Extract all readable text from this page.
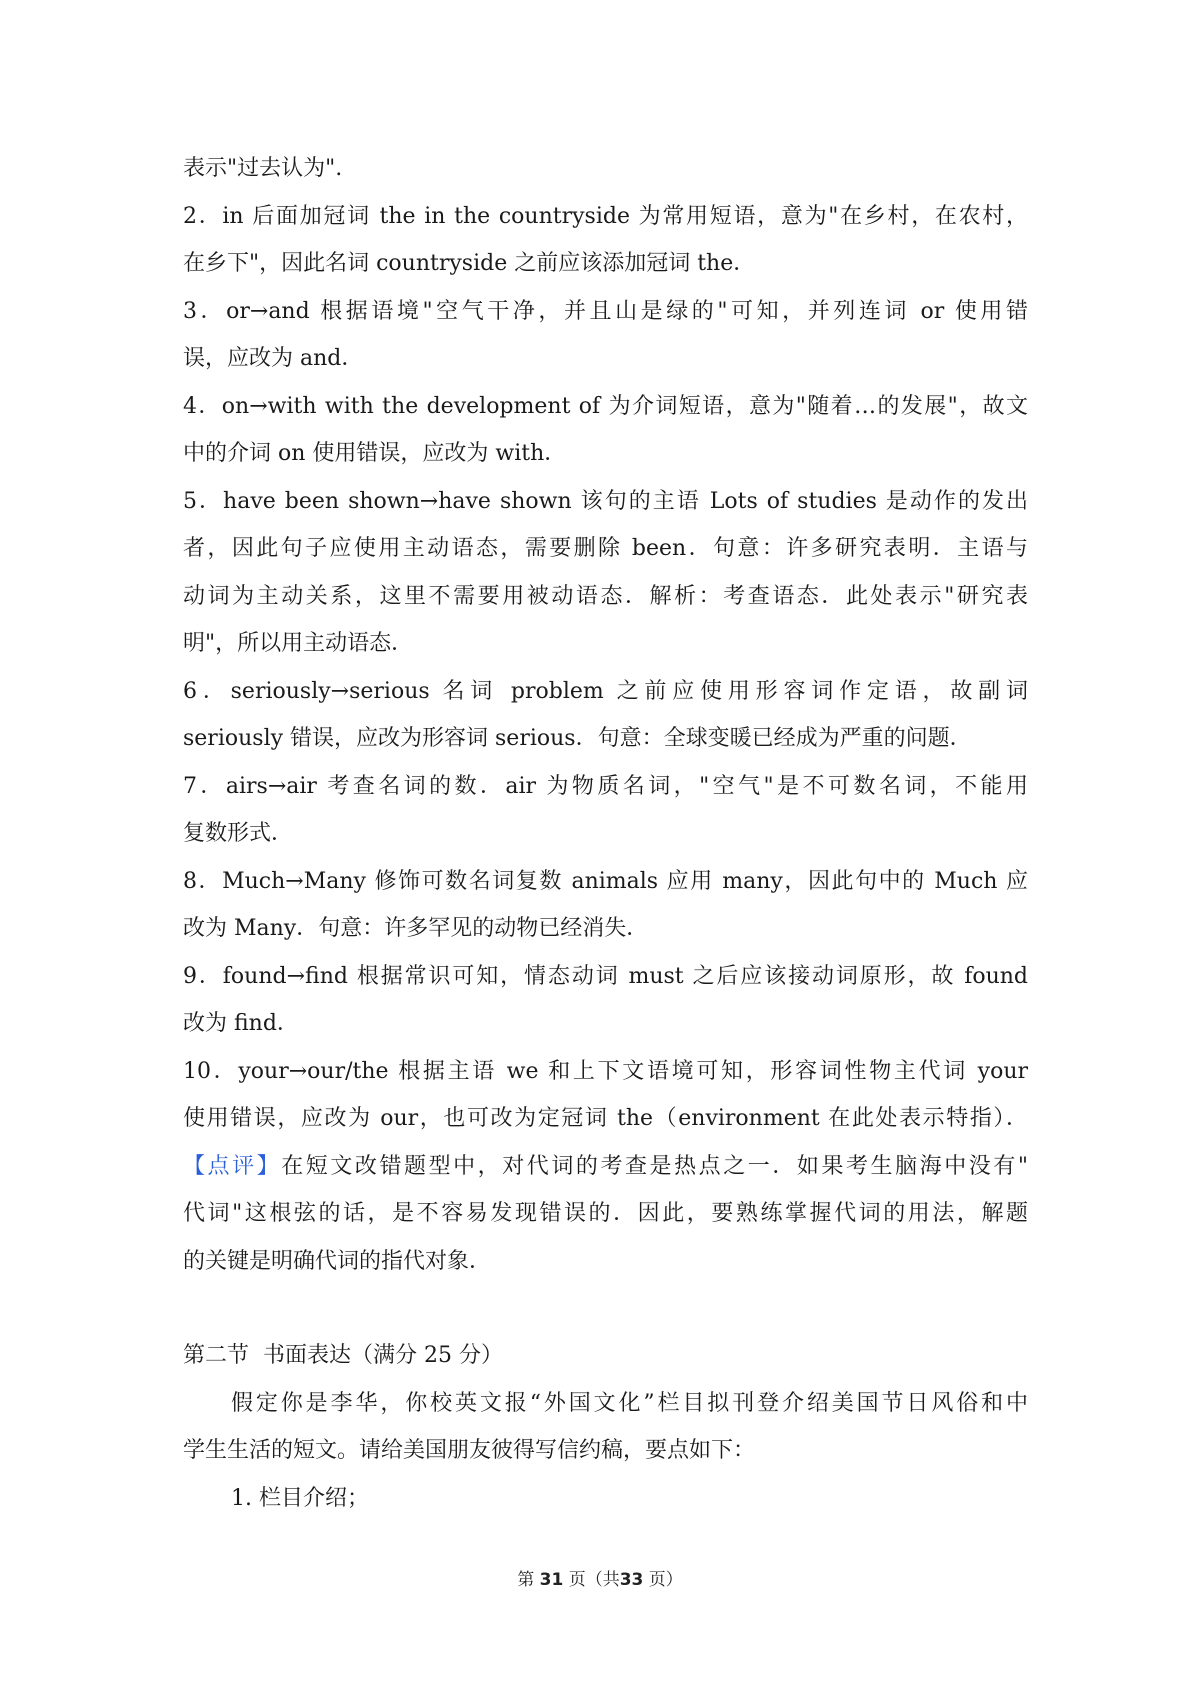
表示"过去认为".
2．in 后面加冠词 the in the countryside 为常用短语，意为"在乡村，在农村，
在乡下"，因此名词 countryside 之前应该添加冠词 the．
3．or→and 根据语境"空气干净，并且山是绿的"可知，并列连词 or 使用错
误，应改为 and．
4．on→with with the development of 为介词短语，意为"随着…的发展"，故文
中的介词 on 使用错误，应改为 with．
5．have been shown→have shown 该句的主语 Lots of studies 是动作的发出
者，因此句子应使用主动语态，需要删除 been．句意：许多研究表明．主语与
动词为主动关系，这里不需要用被动语态．解析：考查语态．此处表示"研究表
明"，所以用主动语态．
6．seriously→serious 名词 problem 之前应使用形容词作定语，故副词
seriously 错误，应改为形容词 serious．句意：全球变暖已经成为严重的问题．
7．airs→air 考查名词的数．air 为物质名词，"空气"是不可数名词，不能用
复数形式．
8．Much→Many 修饰可数名词复数 animals 应用 many，因此句中的 Much 应
改为 Many．句意：许多罕见的动物已经消失．
9．found→find 根据常识可知，情态动词 must 之后应该接动词原形，故 found
改为 find．
10．your→our/the 根据主语 we 和上下文语境可知，形容词性物主代词 your
使用错误，应改为 our，也可改为定冠词 the（environment 在此处表示特指）．
【点评】在短文改错题型中，对代词的考查是热点之一．如果考生脑海中没有"
代词"这根弦的话，是不容易发现错误的．因此，要熟练掌握代词的用法，解题
的关键是明确代词的指代对象．
第二节  书面表达（满分 25 分）
假定你是李华，你校英文报“外国文化”栏目拟刊登介绍美国节日风俗和中
学生生活的短文。请给美国朋友彼得写信约稿，要点如下：
1. 栏目介绍；
第 31 页（共33 页）
